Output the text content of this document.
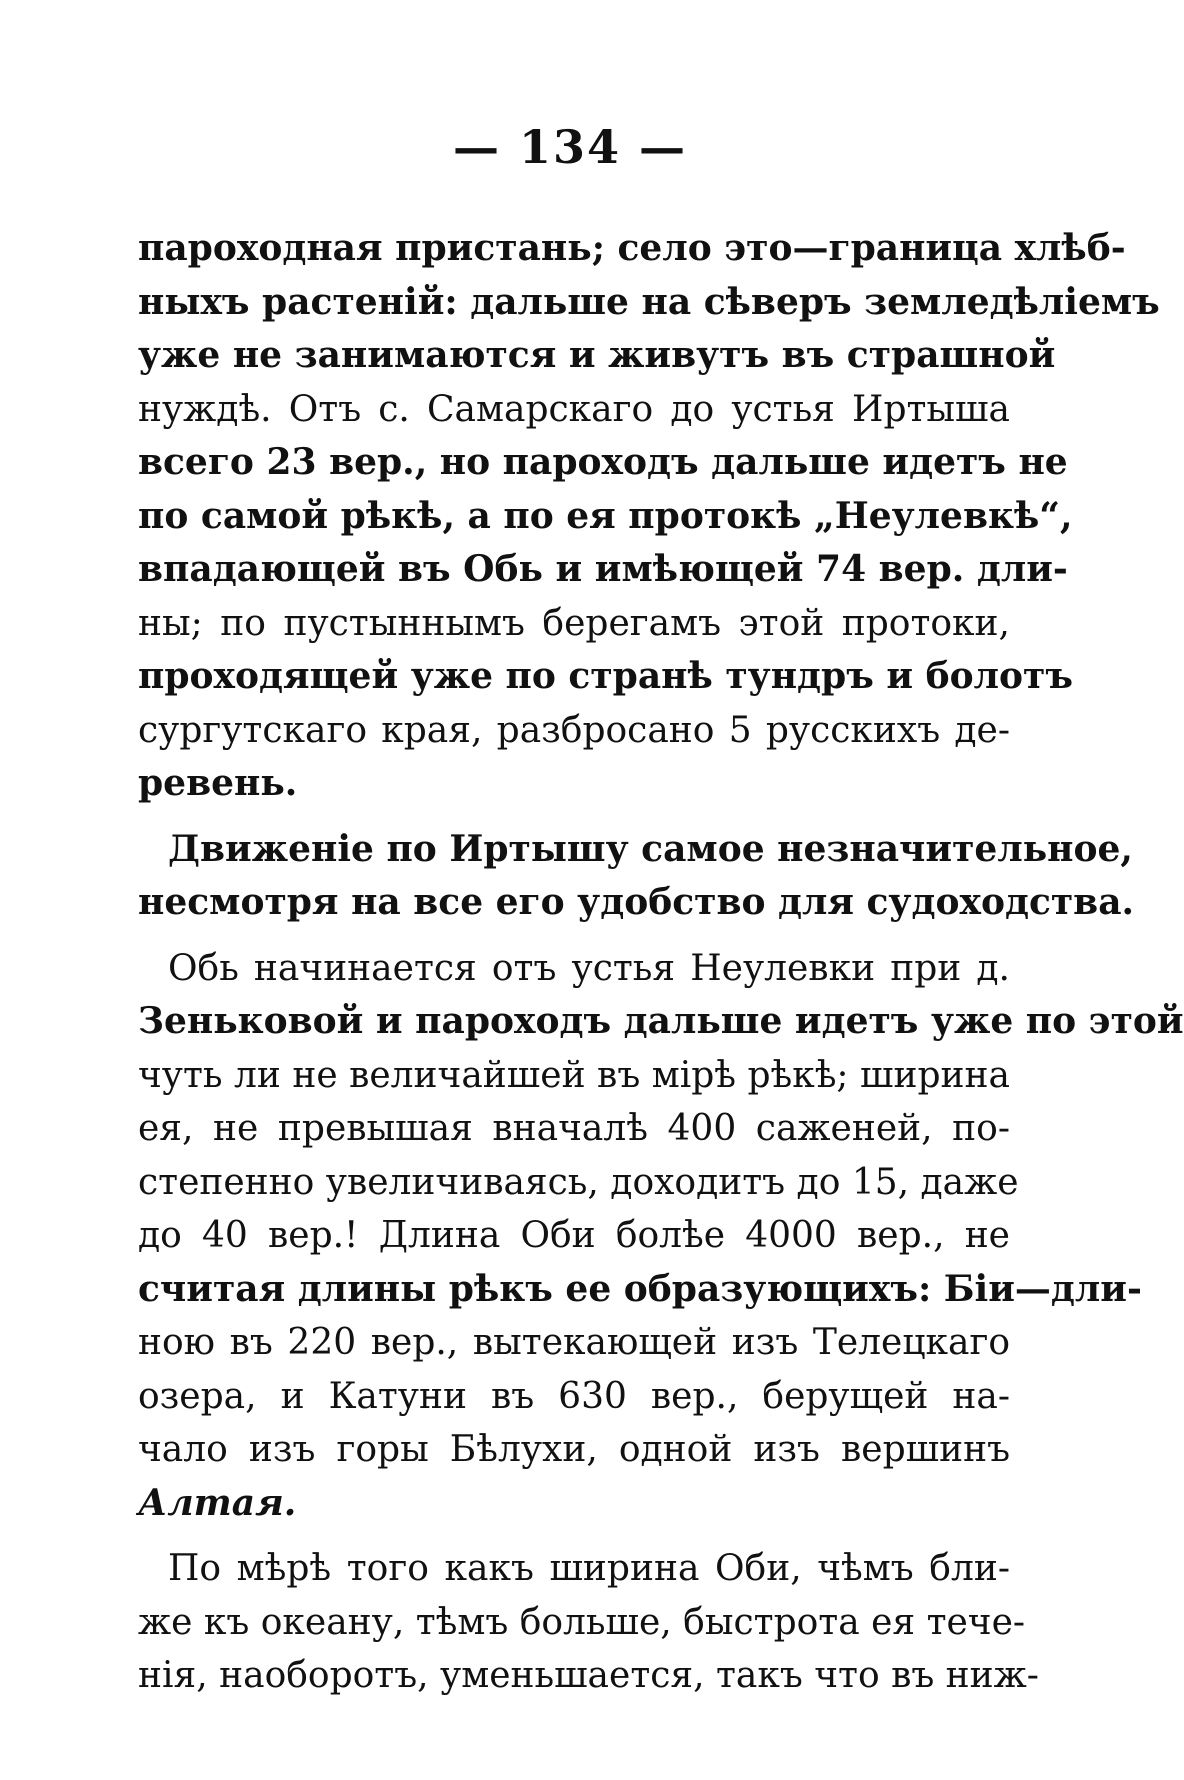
— 134 —
пароходная пристань; село это—граница хлѣб-
ныхъ растеній: дальше на сѣверъ земледѣліемъ
уже не занимаются и живутъ въ страшной
нуждѣ. Отъ с. Самарскаго до устья Иртыша
всего 23 вер., но пароходъ дальше идетъ не
по самой рѣкѣ, а по ея протокѣ „Неулевкѣ“,
впадающей въ Обь и имѣющей 74 вер. дли-
ны; по пустыннымъ берегамъ этой протоки,
проходящей уже по странѣ тундръ и болотъ
сургутскаго края, разбросано 5 русскихъ де-
ревень.
Движеніе по Иртышу самое незначительное,
несмотря на все его удобство для судоходства.
Обь начинается отъ устья Неулевки при д.
Зеньковой и пароходъ дальше идетъ уже по этой
чуть ли не величайшей въ мірѣ рѣкѣ; ширина
ея, не превышая вначалѣ 400 саженей, по-
степенно увеличиваясь, доходитъ до 15, даже
до 40 вер.! Длина Оби болѣе 4000 вер., не
считая длины рѣкъ ее образующихъ: Біи—дли-
ною въ 220 вер., вытекающей изъ Телецкаго
озера, и Катуни въ 630 вер., берущей на-
чало изъ горы Бѣлухи, одной изъ вершинъ
Алтая.
По мѣрѣ того какъ ширина Оби, чѣмъ бли-
же къ океану, тѣмъ больше, быстрота ея тече-
нія, наоборотъ, уменьшается, такъ что въ ниж-
